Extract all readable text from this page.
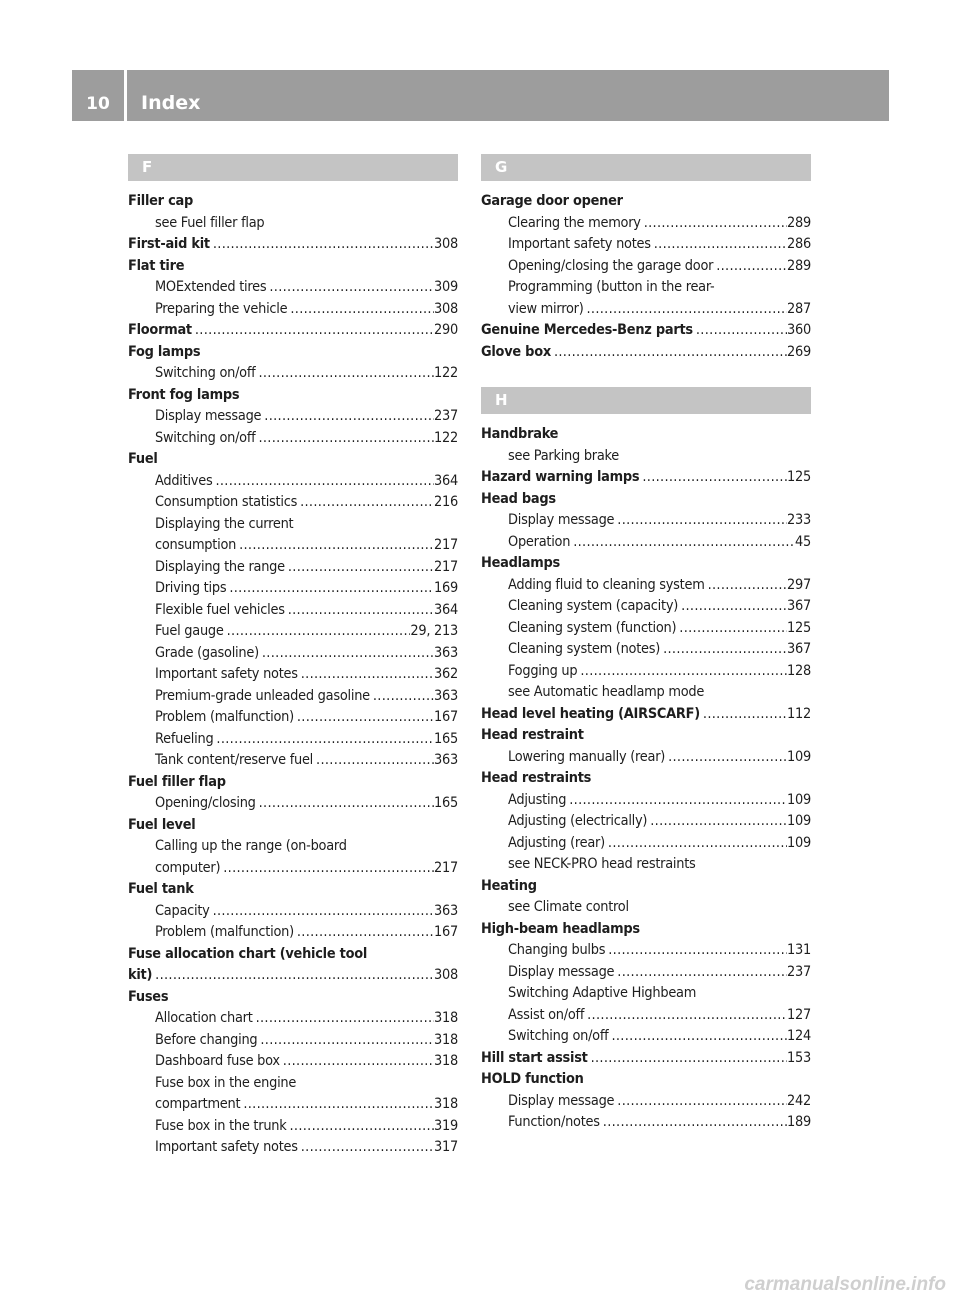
10	Index
F
Filler cap
see Fuel filler flap
First-aid kit . . .	308
Flat tire
MOExtended tires . . .	309
Preparing the vehicle . . .	308
Floormat . . .	290
Fog lamps
Switching on/off . . .	122
Front fog lamps
Display message . . .	237
Switching on/off . . .	122
Fuel
Additives . . .	364
Consumption statistics . . .	216
Displaying the current
consumption . . .	217
Displaying the range . . .	217
Driving tips . . .	169
Flexible fuel vehicles . . .	364
Fuel gauge . . .	29, 213
Grade (gasoline) . . .	363
Important safety notes . . .	362
Premium-grade unleaded gasoline . . .	363
Problem (malfunction) . . .	167
Refueling . . .	165
Tank content/reserve fuel . . .	363
Fuel filler flap
Opening/closing . . .	165
Fuel level
Calling up the range (on-board
computer) . . .	217
Fuel tank
Capacity . . .	363
Problem (malfunction) . . .	167
Fuse allocation chart (vehicle tool
kit) . . .	308
Fuses
Allocation chart . . .	318
Before changing . . .	318
Dashboard fuse box . . .	318
Fuse box in the engine
compartment . . .	318
Fuse box in the trunk . . .	319
Important safety notes . . .	317
G
Garage door opener
Clearing the memory . . .	289
Important safety notes . . .	286
Opening/closing the garage door . . .	289
Programming (button in the rear-
view mirror) . . .	287
Genuine Mercedes-Benz parts . . .	360
Glove box . . .	269
H
Handbrake
see Parking brake
Hazard warning lamps . . .	125
Head bags
Display message . . .	233
Operation . . .	45
Headlamps
Adding fluid to cleaning system . . .	297
Cleaning system (capacity) . . .	367
Cleaning system (function) . . .	125
Cleaning system (notes) . . .	367
Fogging up . . .	128
see Automatic headlamp mode
Head level heating (AIRSCARF) . . .	112
Head restraint
Lowering manually (rear) . . .	109
Head restraints
Adjusting . . .	109
Adjusting (electrically) . . .	109
Adjusting (rear) . . .	109
see NECK-PRO head restraints
Heating
see Climate control
High-beam headlamps
Changing bulbs . . .	131
Display message . . .	237
Switching Adaptive Highbeam
Assist on/off . . .	127
Switching on/off . . .	124
Hill start assist . . .	153
HOLD function
Display message . . .	242
Function/notes . . .	189
carmanualsonline.info
